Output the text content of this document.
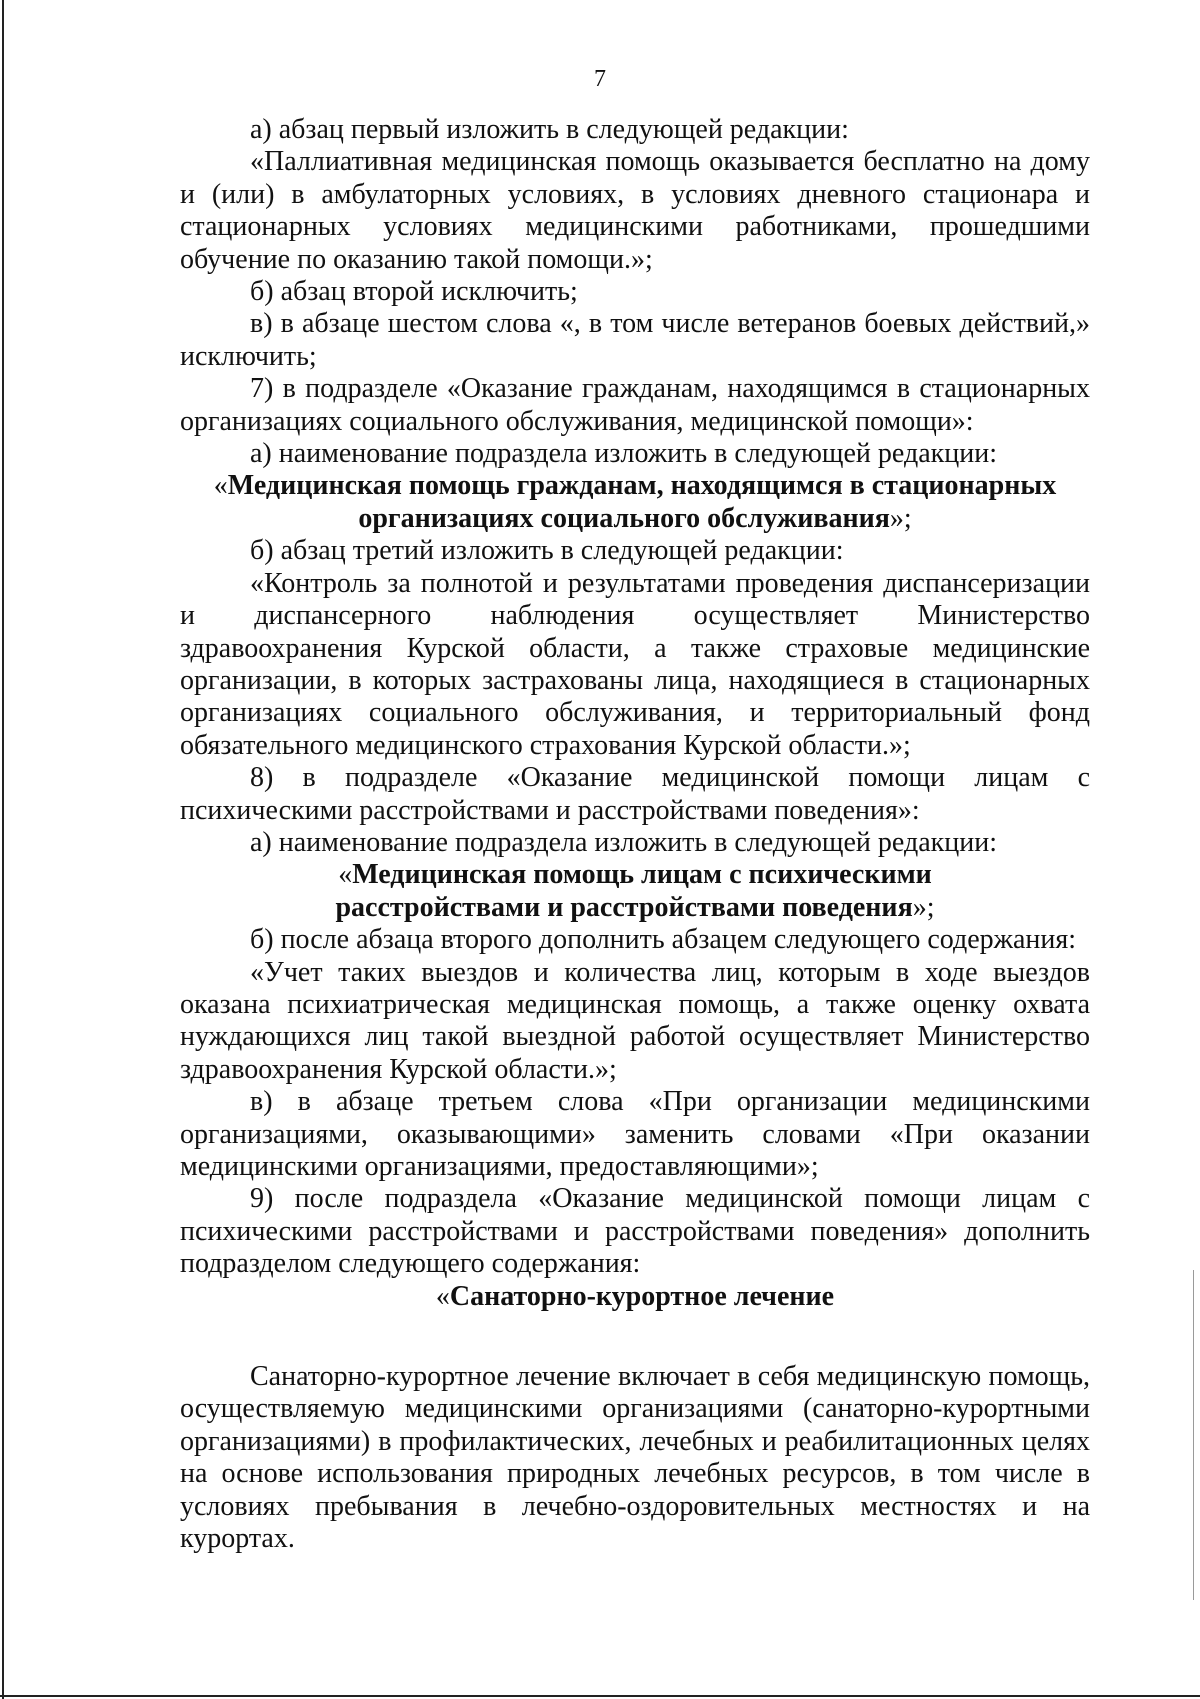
7

а) абзац первый изложить в следующей редакции:

«Паллиативная медицинская помощь оказывается бесплатно на дому и (или) в амбулаторных условиях, в условиях дневного стационара и стационарных условиях медицинскими работниками, прошедшими обучение по оказанию такой помощи.»;

б) абзац второй исключить;

в) в абзаце шестом слова «, в том числе ветеранов боевых действий,» исключить;

7) в подразделе «Оказание гражданам, находящимся в стационарных организациях социального обслуживания, медицинской помощи»:

а) наименование подраздела изложить в следующей редакции:

«Медицинская помощь гражданам, находящимся в стационарных
организациях социального обслуживания»;

б) абзац третий изложить в следующей редакции:

«Контроль за полнотой и результатами проведения диспансеризации и диспансерного наблюдения осуществляет Министерство здравоохранения Курской области, а также страховые медицинские организации, в которых застрахованы лица, находящиеся в стационарных организациях социального обслуживания, и территориальный фонд обязательного медицинского страхования Курской области.»;

8) в подразделе «Оказание медицинской помощи лицам с психическими расстройствами и расстройствами поведения»:

а) наименование подраздела изложить в следующей редакции:

«Медицинская помощь лицам с психическими
расстройствами и расстройствами поведения»;

б) после абзаца второго дополнить абзацем следующего содержания:

«Учет таких выездов и количества лиц, которым в ходе выездов оказана психиатрическая медицинская помощь, а также оценку охвата нуждающихся лиц такой выездной работой осуществляет Министерство здравоохранения Курской области.»;

в) в абзаце третьем слова «При организации медицинскими организациями, оказывающими» заменить словами «При оказании медицинскими организациями, предоставляющими»;

9) после подраздела «Оказание медицинской помощи лицам с психическими расстройствами и расстройствами поведения» дополнить подразделом следующего содержания:

«Санаторно-курортное лечение

Санаторно-курортное лечение включает в себя медицинскую помощь, осуществляемую медицинскими организациями (санаторно-курортными организациями) в профилактических, лечебных и реабилитационных целях на основе использования природных лечебных ресурсов, в том числе в условиях пребывания в лечебно-оздоровительных местностях и на курортах.
